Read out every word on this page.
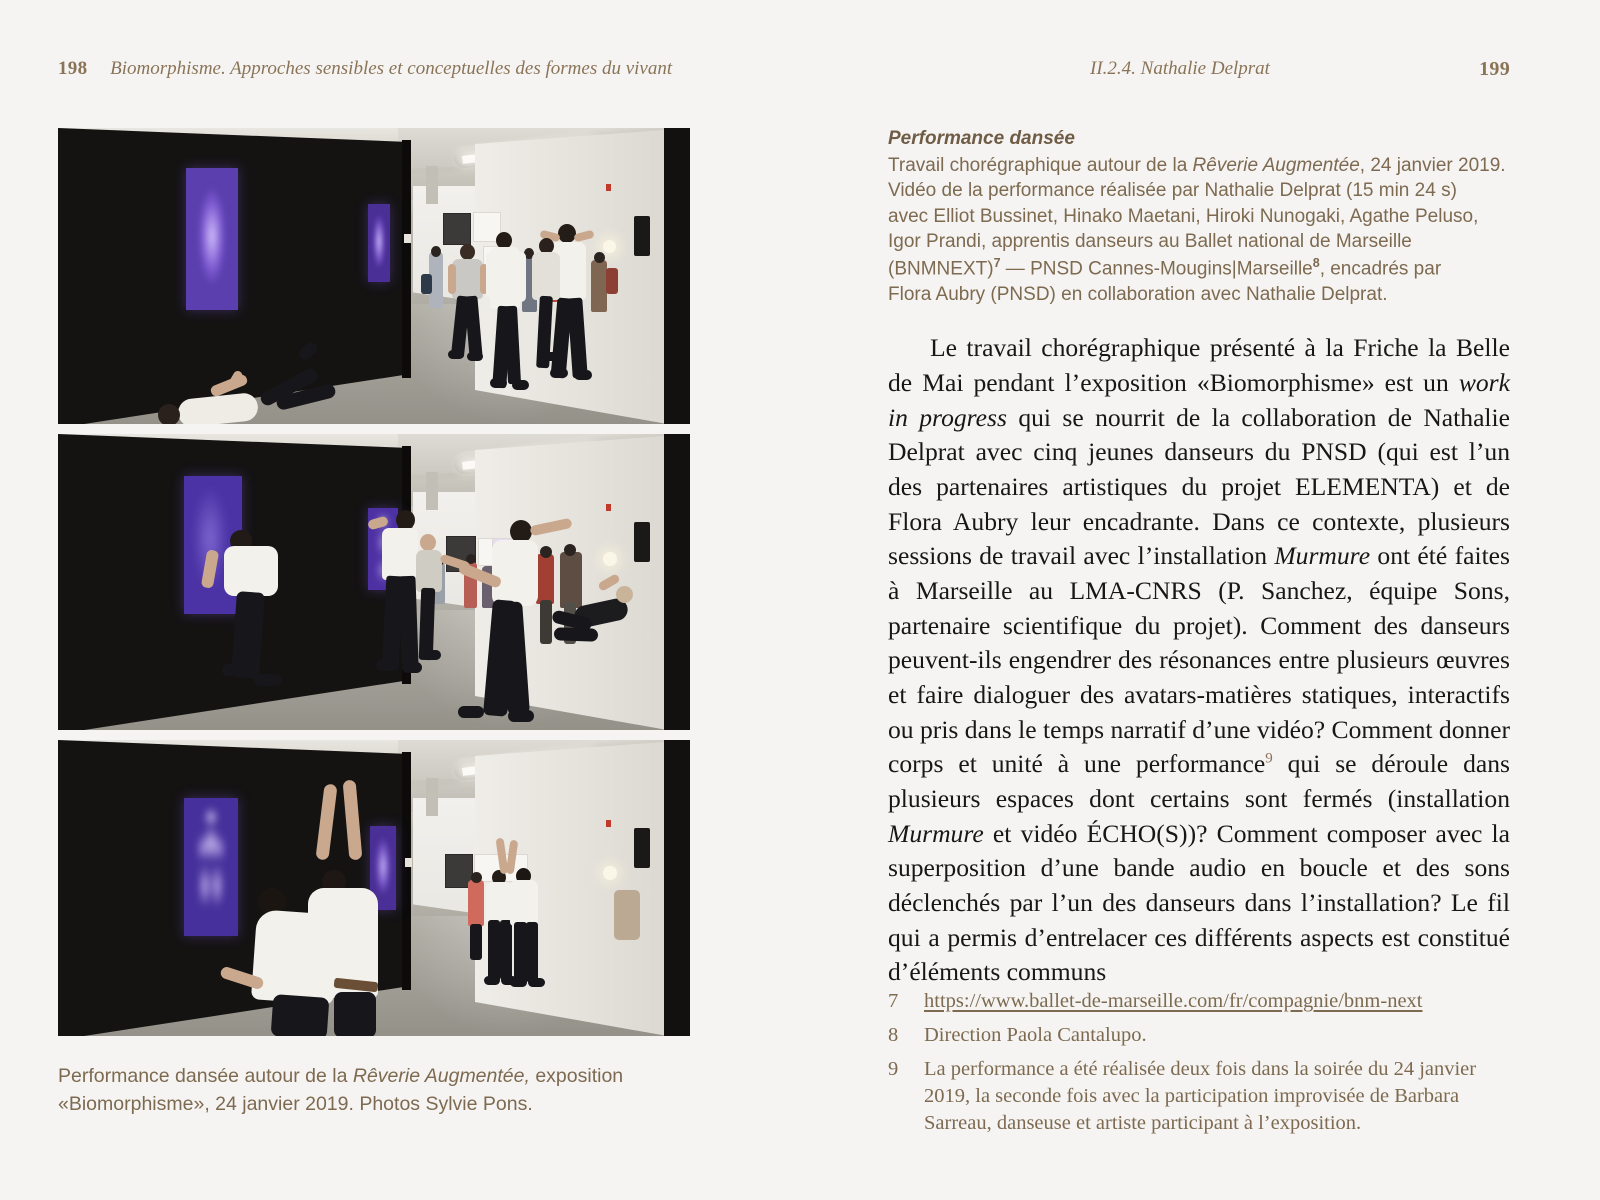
198 Biomorphisme. Approches sensibles et conceptuelles des formes du vivant	II.2.4. Nathalie Delprat	199
Performance dansée autour de la Rêverie Augmentée, exposition
«Biomorphisme», 24 janvier 2019. Photos Sylvie Pons.
Performance dansée
Travail chorégraphique autour de la Rêverie Augmentée, 24 janvier 2019.
Vidéo de la performance réalisée par Nathalie Delprat (15 min 24 s)
avec Elliot Bussinet, Hinako Maetani, Hiroki Nunogaki, Agathe Peluso,
Igor Prandi, apprentis danseurs au Ballet national de Marseille
(BNMNEXT)$^7$ — PNSD Cannes-Mougins|Marseille$^8$, encadrés par
Flora Aubry (PNSD) en collaboration avec Nathalie Delprat.

Le travail chorégraphique présenté à la Friche la Belle de Mai pendant l’exposition «Biomorphisme» est un work in progress qui se nourrit de la collaboration de Nathalie Delprat avec cinq jeunes danseurs du PNSD (qui est l’un des partenaires artistiques du projet ELEMENTA) et de Flora Aubry leur encadrante. Dans ce contexte, plusieurs sessions de travail avec l’installation Murmure ont été faites à Marseille au LMA-CNRS (P. Sanchez, équipe Sons, partenaire scientifique du projet). Comment des danseurs peuvent-ils engendrer des résonances entre plusieurs œuvres et faire dialoguer des avatars-matières statiques, interactifs ou pris dans le temps narratif d’une vidéo? Comment donner corps et unité à une performance$^9$ qui se déroule dans plusieurs espaces dont certains sont fermés (installation Murmure et vidéo ÉCHO(S))? Comment composer avec la superposition d’une bande audio en boucle et des sons déclenchés par l’un des danseurs dans l’installation? Le fil qui a permis d’entrelacer ces différents aspects est constitué d’éléments communs

7	https://www.ballet-de-marseille.com/fr/compagnie/bnm-next
8	Direction Paola Cantalupo.
9	La performance a été réalisée deux fois dans la soirée du 24 janvier 2019, la seconde fois avec la participation improvisée de Barbara Sarreau, danseuse et artiste participant à l’exposition.
